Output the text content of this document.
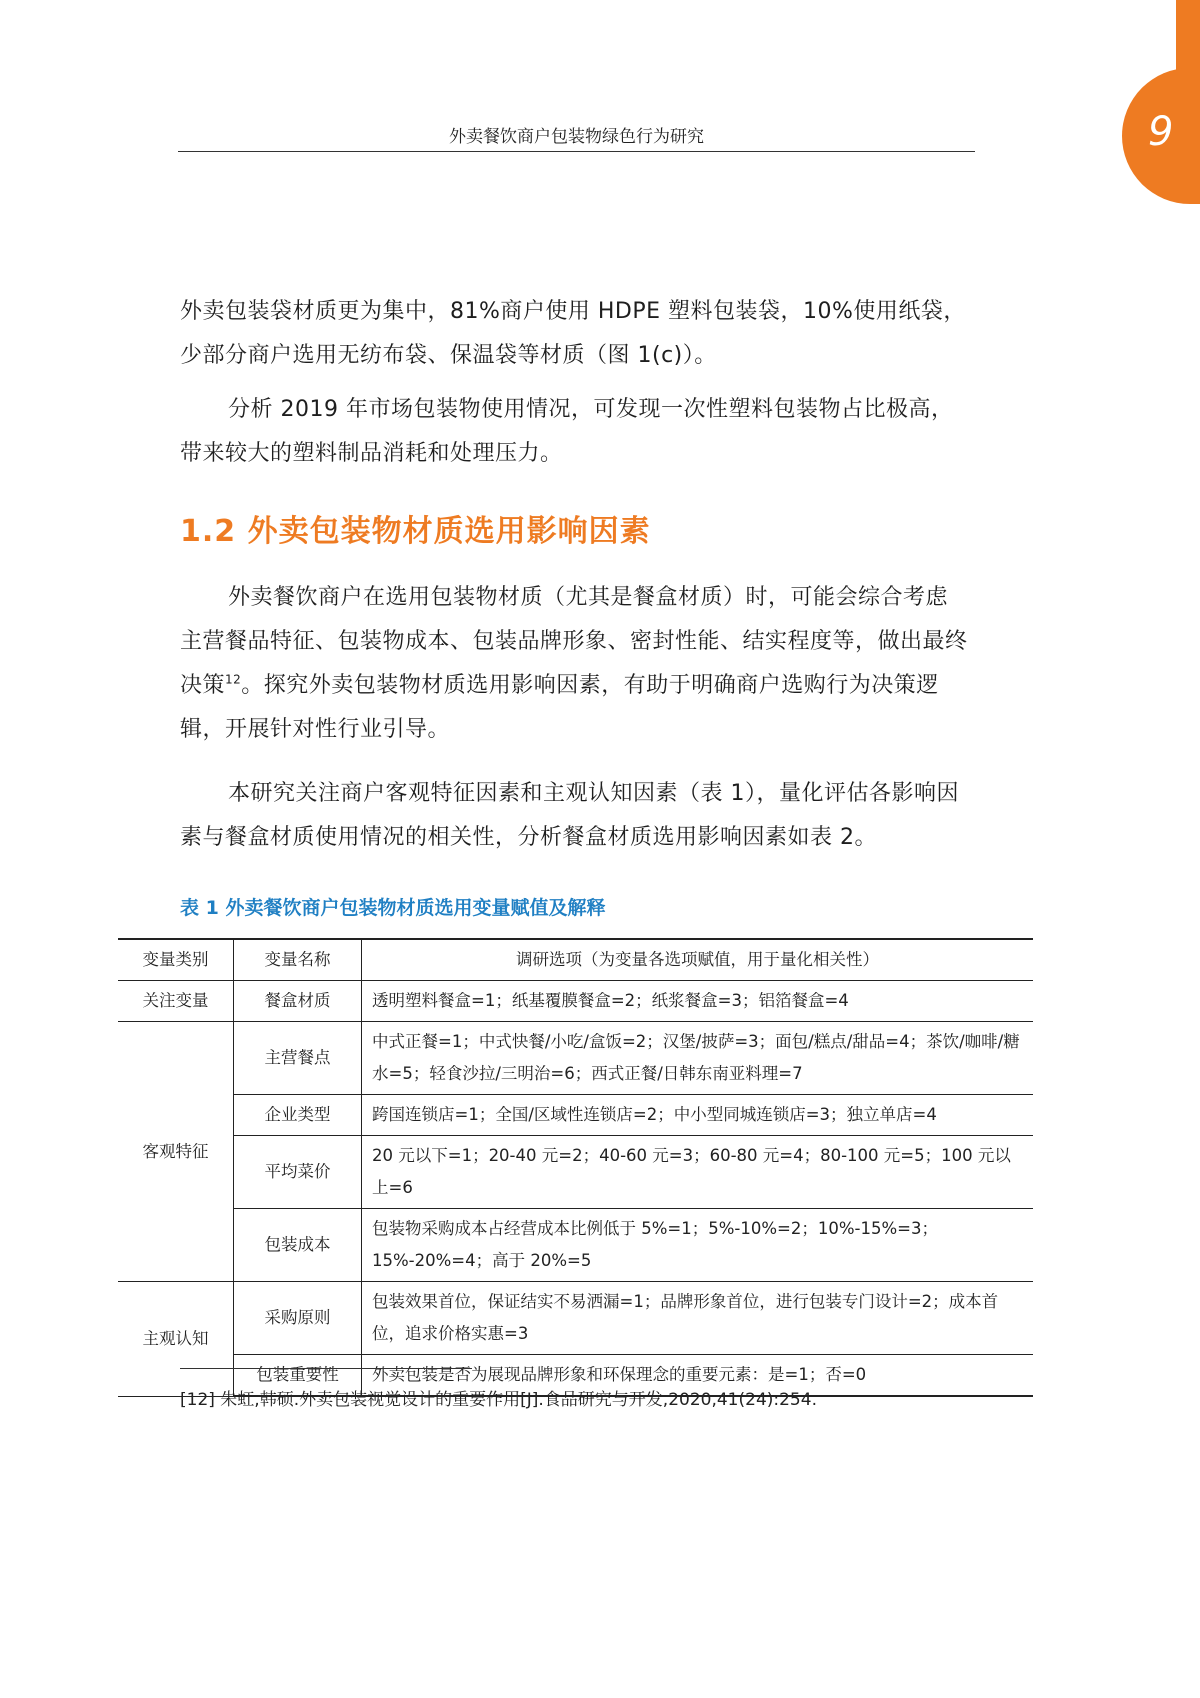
9
外卖餐饮商户包装物绿色行为研究

外卖包装袋材质更为集中，81%商户使用 HDPE 塑料包装袋，10%使用纸袋，少部分商户选用无纺布袋、保温袋等材质（图 1(c)）。

分析 2019 年市场包装物使用情况，可发现一次性塑料包装物占比极高，带来较大的塑料制品消耗和处理压力。

1.2 外卖包装物材质选用影响因素

外卖餐饮商户在选用包装物材质（尤其是餐盒材质）时，可能会综合考虑主营餐品特征、包装物成本、包装品牌形象、密封性能、结实程度等，做出最终决策$^{12}$。探究外卖包装物材质选用影响因素，有助于明确商户选购行为决策逻辑，开展针对性行业引导。

本研究关注商户客观特征因素和主观认知因素（表 1），量化评估各影响因素与餐盒材质使用情况的相关性，分析餐盒材质选用影响因素如表 2。

表 1 外卖餐饮商户包装物材质选用变量赋值及解释
变量类别	变量名称	调研选项（为变量各选项赋值，用于量化相关性）
关注变量	餐盒材质	透明塑料餐盒=1；纸基覆膜餐盒=2；纸浆餐盒=3；铝箔餐盒=4
客观特征	主营餐点	中式正餐=1；中式快餐/小吃/盒饭=2；汉堡/披萨=3；面包/糕点/甜品=4；茶饮/咖啡/糖水=5；轻食沙拉/三明治=6；西式正餐/日韩东南亚料理=7
	企业类型	跨国连锁店=1；全国/区域性连锁店=2；中小型同城连锁店=3；独立单店=4
	平均菜价	20 元以下=1；20-40 元=2；40-60 元=3；60-80 元=4；80-100 元=5；100 元以上=6
	包装成本	包装物采购成本占经营成本比例低于 5%=1；5%-10%=2；10%-15%=3；15%-20%=4；高于 20%=5
主观认知	采购原则	包装效果首位，保证结实不易洒漏=1；品牌形象首位，进行包装专门设计=2；成本首位，追求价格实惠=3
	包装重要性	外卖包装是否为展现品牌形象和环保理念的重要元素：是=1；否=0
[12] 朱虹,韩硕.外卖包装视觉设计的重要作用[J].食品研究与开发,2020,41(24):254.
